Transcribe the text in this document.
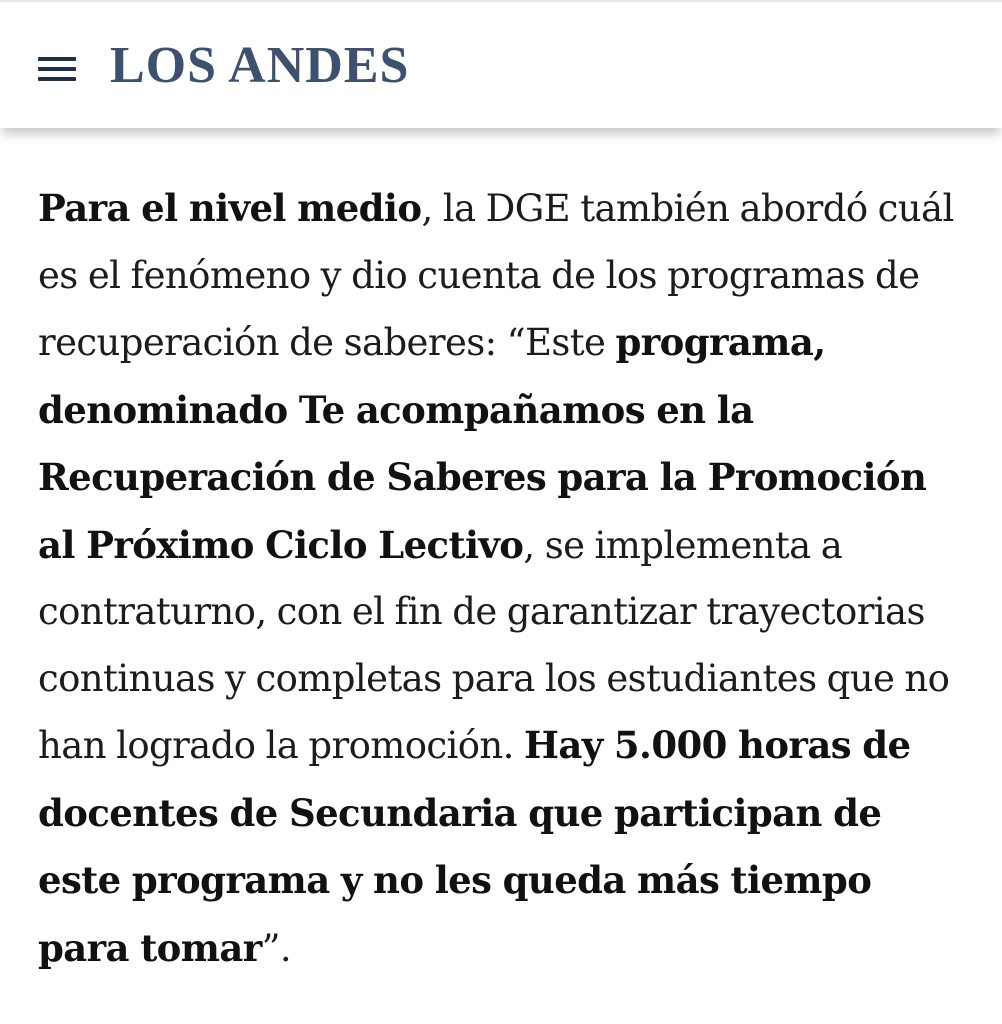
LOS ANDES

Para el nivel medio, la DGE también abordó cuál es el fenómeno y dio cuenta de los programas de recuperación de saberes: “Este programa, denominado Te acompañamos en la Recuperación de Saberes para la Promoción al Próximo Ciclo Lectivo, se implementa a contraturno, con el fin de garantizar trayectorias continuas y completas para los estudiantes que no han logrado la promoción. Hay 5.000 horas de docentes de Secundaria que participan de este programa y no les queda más tiempo para tomar”.
